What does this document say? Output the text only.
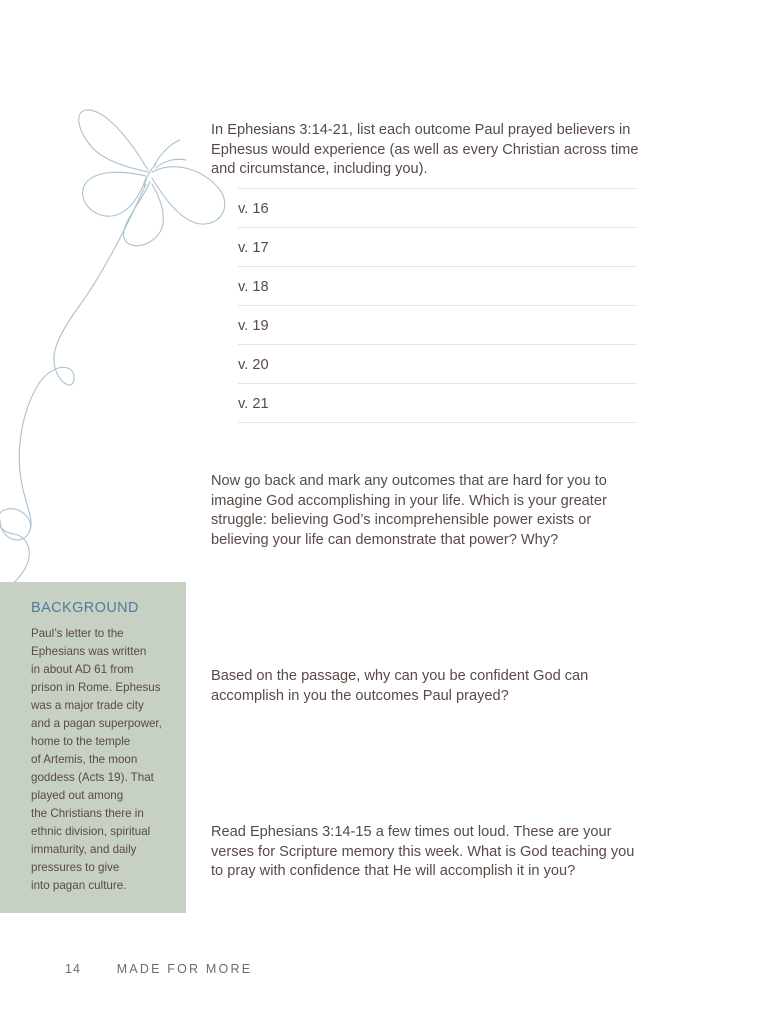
In Ephesians 3:14-21, list each outcome Paul prayed believers in Ephesus would experience (as well as every Christian across time and circumstance, including you).

v. 16
v. 17
v. 18
v. 19
v. 20
v. 21

Now go back and mark any outcomes that are hard for you to imagine God accomplishing in your life. Which is your greater struggle: believing God’s incomprehensible power exists or believing your life can demonstrate that power? Why?

Based on the passage, why can you be confident God can accomplish in you the outcomes Paul prayed?

Read Ephesians 3:14-15 a few times out loud. These are your verses for Scripture memory this week. What is God teaching you to pray with confidence that He will accomplish it in you?

BACKGROUND
Paul’s letter to the
Ephesians was written
in about AD 61 from
prison in Rome. Ephesus
was a major trade city
and a pagan superpower,
home to the temple
of Artemis, the moon
goddess (Acts 19). That
played out among
the Christians there in
ethnic division, spiritual
immaturity, and daily
pressures to give
into pagan culture.
14	MADE FOR MORE
